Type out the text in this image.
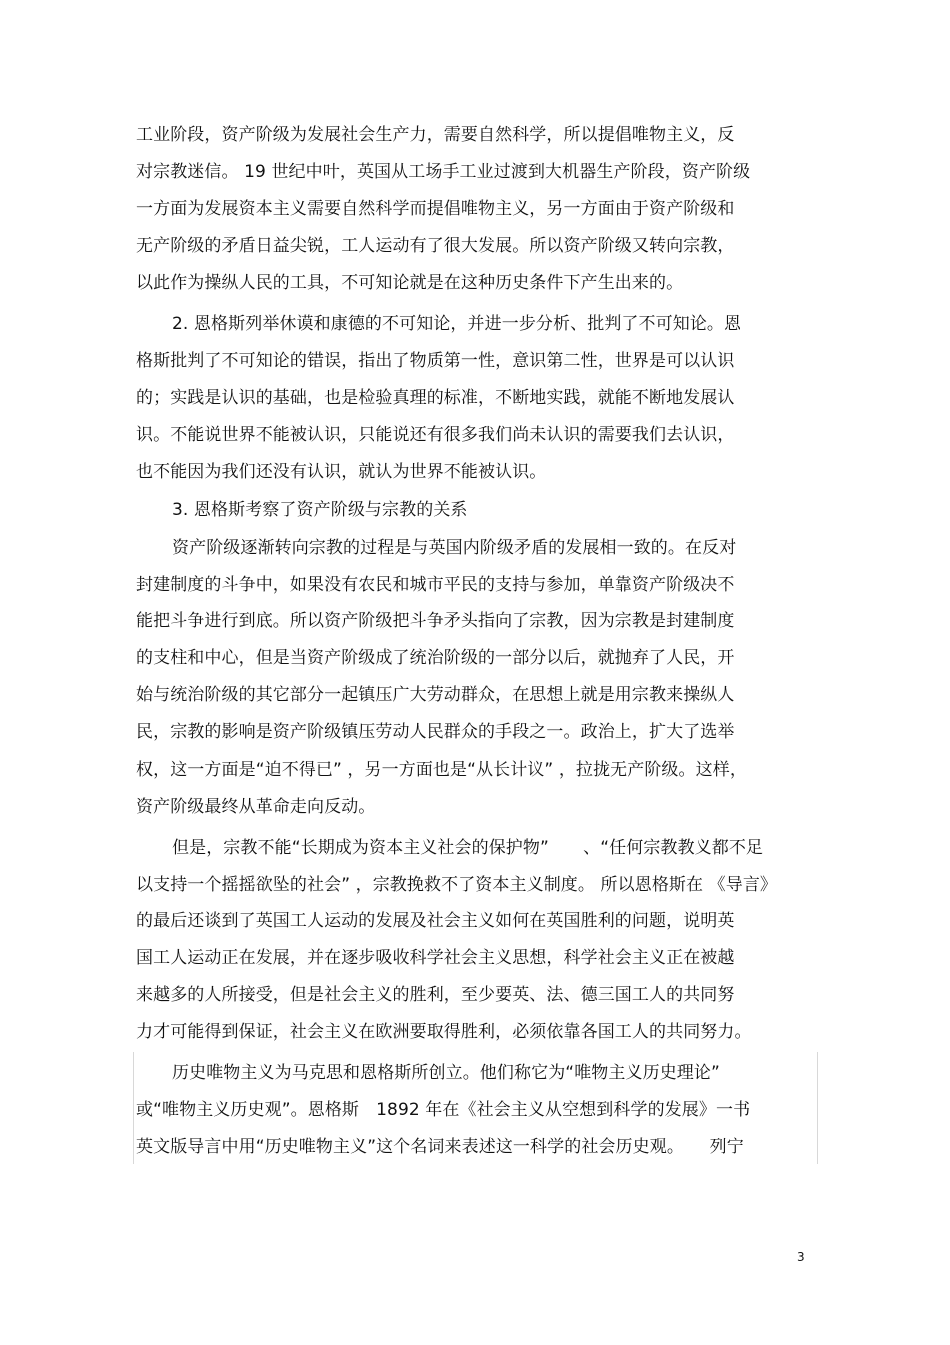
工业阶段，资产阶级为发展社会生产力，需要自然科学，所以提倡唯物主义，反
对宗教迷信。 19 世纪中叶，英国从工场手工业过渡到大机器生产阶段，资产阶级
一方面为发展资本主义需要自然科学而提倡唯物主义，另一方面由于资产阶级和
无产阶级的矛盾日益尖锐，工人运动有了很大发展。所以资产阶级又转向宗教，
以此作为操纵人民的工具，不可知论就是在这种历史条件下产生出来的。
2. 恩格斯列举休谟和康德的不可知论，并进一步分析、批判了不可知论。恩
格斯批判了不可知论的错误，指出了物质第一性，意识第二性，世界是可以认识
的；实践是认识的基础，也是检验真理的标准，不断地实践，就能不断地发展认
识。不能说世界不能被认识，只能说还有很多我们尚未认识的需要我们去认识，
也不能因为我们还没有认识，就认为世界不能被认识。
3. 恩格斯考察了资产阶级与宗教的关系
资产阶级逐渐转向宗教的过程是与英国内阶级矛盾的发展相一致的。在反对
封建制度的斗争中，如果没有农民和城市平民的支持与参加，单靠资产阶级决不
能把斗争进行到底。所以资产阶级把斗争矛头指向了宗教，因为宗教是封建制度
的支柱和中心，但是当资产阶级成了统治阶级的一部分以后，就抛弃了人民，开
始与统治阶级的其它部分一起镇压广大劳动群众，在思想上就是用宗教来操纵人
民，宗教的影响是资产阶级镇压劳动人民群众的手段之一。政治上，扩大了选举
权，这一方面是“迫不得已” ，另一方面也是“从长计议” ，拉拢无产阶级。这样，
资产阶级最终从革命走向反动。
但是，宗教不能“长期成为资本主义社会的保护物”　　、“任何宗教教义都不足
以支持一个摇摇欲坠的社会” ，宗教挽救不了资本主义制度。 所以恩格斯在 《导言》
的最后还谈到了英国工人运动的发展及社会主义如何在英国胜利的问题，说明英
国工人运动正在发展，并在逐步吸收科学社会主义思想，科学社会主义正在被越
来越多的人所接受，但是社会主义的胜利，至少要英、法、德三国工人的共同努
力才可能得到保证，社会主义在欧洲要取得胜利，必须依靠各国工人的共同努力。
历史唯物主义为马克思和恩格斯所创立。他们称它为“唯物主义历史理论”
或“唯物主义历史观”。恩格斯　1892 年在《社会主义从空想到科学的发展》一书
英文版导言中用“历史唯物主义”这个名词来表述这一科学的社会历史观。　　列宁
3
